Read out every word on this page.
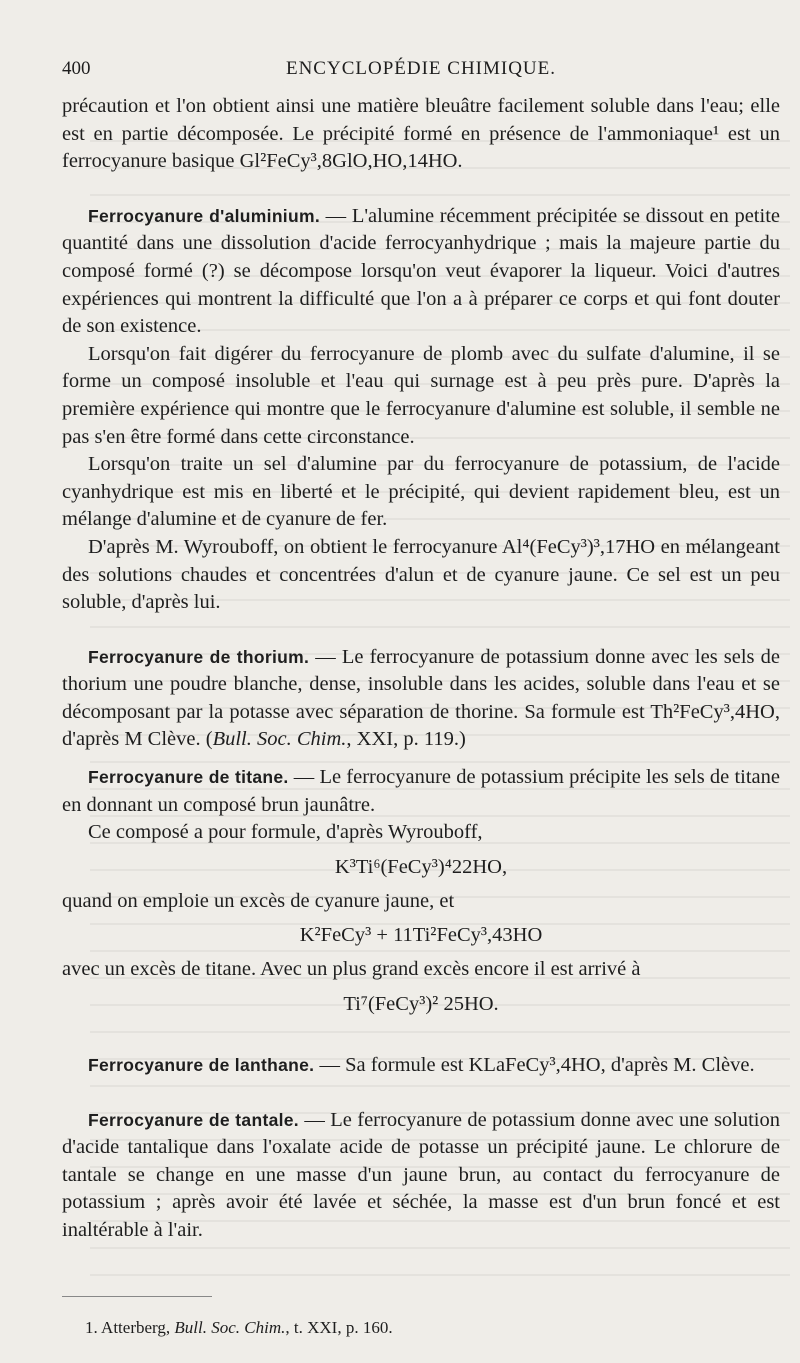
400	ENCYCLOPÉDIE CHIMIQUE.

précaution et l'on obtient ainsi une matière bleuâtre facilement soluble dans l'eau; elle est en partie décomposée. Le précipité formé en présence de l'ammoniaque¹ est un ferrocyanure basique Gl²FeCy³,8GlO,HO,14HO.

Ferrocyanure d'aluminium. — L'alumine récemment précipitée se dissout en petite quantité dans une dissolution d'acide ferrocyanhydrique ; mais la majeure partie du composé formé (?) se décompose lorsqu'on veut évaporer la liqueur. Voici d'autres expériences qui montrent la difficulté que l'on a à préparer ce corps et qui font douter de son existence.

Lorsqu'on fait digérer du ferrocyanure de plomb avec du sulfate d'alumine, il se forme un composé insoluble et l'eau qui surnage est à peu près pure. D'après la première expérience qui montre que le ferrocyanure d'alumine est soluble, il semble ne pas s'en être formé dans cette circonstance.

Lorsqu'on traite un sel d'alumine par du ferrocyanure de potassium, de l'acide cyanhydrique est mis en liberté et le précipité, qui devient rapidement bleu, est un mélange d'alumine et de cyanure de fer.

D'après M. Wyrouboff, on obtient le ferrocyanure Al⁴(FeCy³)³,17HO en mélangeant des solutions chaudes et concentrées d'alun et de cyanure jaune. Ce sel est un peu soluble, d'après lui.

Ferrocyanure de thorium. — Le ferrocyanure de potassium donne avec les sels de thorium une poudre blanche, dense, insoluble dans les acides, soluble dans l'eau et se décomposant par la potasse avec séparation de thorine. Sa formule est Th²FeCy³,4HO, d'après M Clève. (Bull. Soc. Chim., XXI, p. 119.)

Ferrocyanure de titane. — Le ferrocyanure de potassium précipite les sels de titane en donnant un composé brun jaunâtre.

Ce composé a pour formule, d'après Wyrouboff,

K³Ti⁶(FeCy³)⁴22HO,

quand on emploie un excès de cyanure jaune, et

K²FeCy³ + 11Ti²FeCy³,43HO

avec un excès de titane. Avec un plus grand excès encore il est arrivé à

Ti⁷(FeCy³)² 25HO.

Ferrocyanure de lanthane. — Sa formule est KLaFeCy³,4HO, d'après M. Clève.

Ferrocyanure de tantale. — Le ferrocyanure de potassium donne avec une solution d'acide tantalique dans l'oxalate acide de potasse un précipité jaune. Le chlorure de tantale se change en une masse d'un jaune brun, au contact du ferrocyanure de potassium ; après avoir été lavée et séchée, la masse est d'un brun foncé et est inaltérable à l'air.

1. Atterberg, Bull. Soc. Chim., t. XXI, p. 160.
